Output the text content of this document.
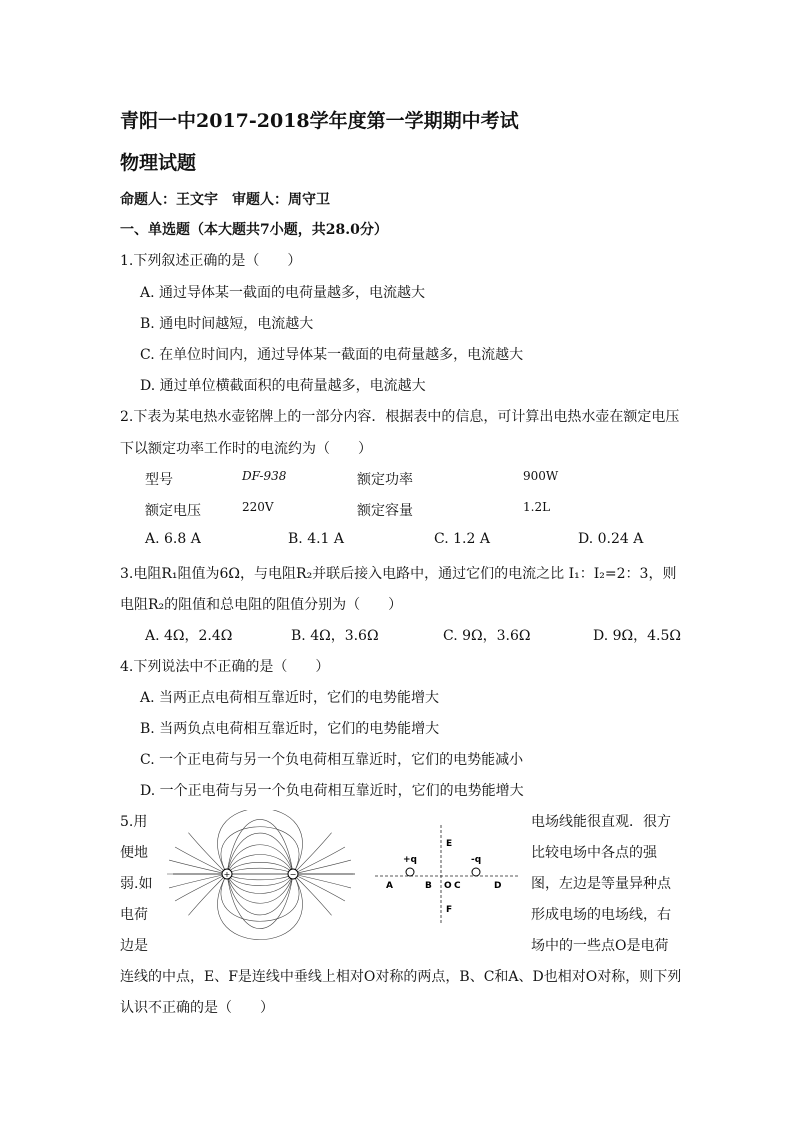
青阳一中2017-2018学年度第一学期期中考试
物理试题
命题人：王文宇　审题人：周守卫
一、单选题（本大题共7小题，共28.0分）
1.下列叙述正确的是（　　）
A. 通过导体某一截面的电荷量越多，电流越大
B. 通电时间越短，电流越大
C. 在单位时间内，通过导体某一截面的电荷量越多，电流越大
D. 通过单位横截面积的电荷量越多，电流越大
2.下表为某电热水壶铭牌上的一部分内容．根据表中的信息，可计算出电热水壶在额定电压
下以额定功率工作时的电流约为（　　）
型号	DF-938	额定功率	900W
额定电压	220V	额定容量	1.2L
A. 6.8 A	B. 4.1 A	C. 1.2 A	D. 0.24 A
3.电阻R₁阻值为6Ω，与电阻R₂并联后接入电路中，通过它们的电流之比 I₁：I₂=2：3，则
电阻R₂的阻值和总电阻的阻值分别为（　　）
A. 4Ω，2.4Ω	B. 4Ω，3.6Ω	C. 9Ω，3.6Ω	D. 9Ω，4.5Ω
4.下列说法中不正确的是（　　）
A. 当两正点电荷相互靠近时，它们的电势能增大
B. 当两负点电荷相互靠近时，它们的电势能增大
C. 一个正电荷与另一个负电荷相互靠近时，它们的电势能减小
D. 一个正电荷与另一个负电荷相互靠近时，它们的电势能增大
5.用
便地
弱.如
电荷
边是
电场线能很直观．很方
比较电场中各点的强
图，左边是等量异种点
形成电场的电场线，右
场中的一些点O是电荷
连线的中点，E、F是连线中垂线上相对O对称的两点，B、C和A、D也相对O对称，则下列
认识不正确的是（　　）
+	−
+q	-q
A	B O C	D
E
F
